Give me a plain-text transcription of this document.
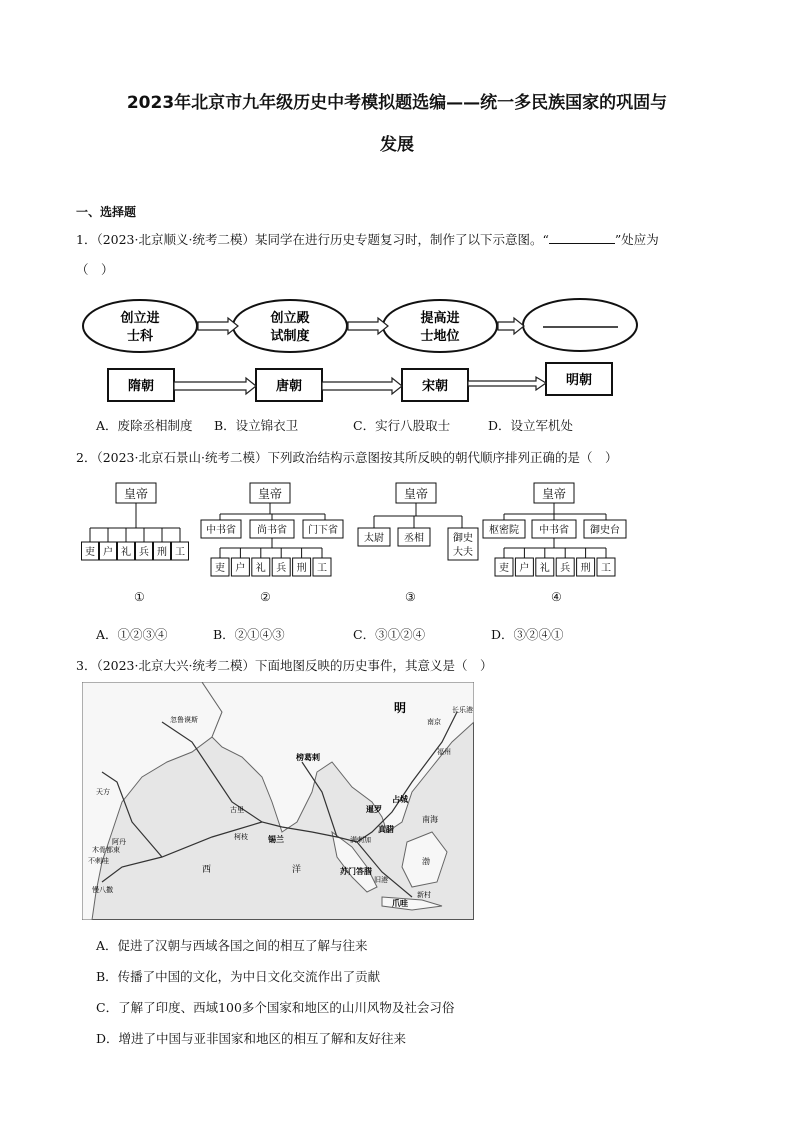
2023年北京市九年级历史中考模拟题选编——统一多民族国家的巩固与
发展
一、选择题
1．（2023·北京顺义·统考二模）某同学在进行历史专题复习时，制作了以下示意图。“	”处应为
（　）
创立进
士科
创立殿
试制度
提高进
士地位
隋朝	唐朝	宋朝	明朝
A．废除丞相制度 B．设立锦衣卫	C．实行八股取士	D．设立军机处
2．（2023·北京石景山·统考二模）下列政治结构示意图按其所反映的朝代顺序排列正确的是（　）
皇帝
吏 户 礼 兵 刑 工
皇帝
中书省 尚书省 门下省
吏 户 礼 兵 刑 工
皇帝
太尉 丞相	御史
大夫
皇帝
枢密院 中书省 御史台
吏 户 礼 兵 刑 工
①	②	③	④
A．①②③④	B．②①④③	C．③①②④	D．③②④①
3．（2023·北京大兴·统考二模）下面地图反映的历史事件，其意义是（　）
明
南京
长乐港
福州
忽鲁谟斯
天方
阿丹
木骨都束
不剌哇
慢八撒
古里
柯枝	锡兰
榜葛剌
暹罗
占城
真腊
满剌加
苏门答腊
旧港
爪哇
新村
西	洋
南海
渤
A．促进了汉朝与西域各国之间的相互了解与往来
B．传播了中国的文化，为中日文化交流作出了贡献
C．了解了印度、西域100多个国家和地区的山川风物及社会习俗
D．增进了中国与亚非国家和地区的相互了解和友好往来
